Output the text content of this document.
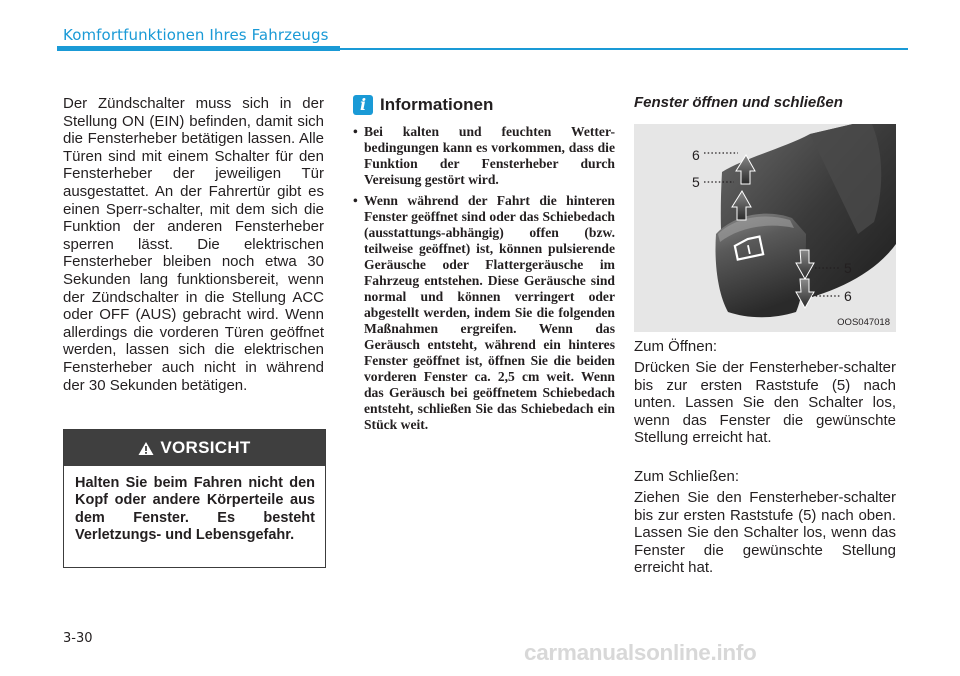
Komfortfunktionen Ihres Fahrzeugs

Der Zündschalter muss sich in der Stellung ON (EIN) befinden, damit sich die Fensterheber betätigen lassen. Alle Türen sind mit einem Schalter für den Fensterheber der jeweiligen Tür ausgestattet. An der Fahrertür gibt es einen Sperr-schalter, mit dem sich die Funktion der anderen Fensterheber sperren lässt. Die elektrischen Fensterheber bleiben noch etwa 30 Sekunden lang funktionsbereit, wenn der Zündschalter in die Stellung ACC oder OFF (AUS) gebracht wird. Wenn allerdings die vorderen Türen geöffnet werden, lassen sich die elektrischen Fensterheber auch nicht in während der 30 Sekunden betätigen.

VORSICHT
Halten Sie beim Fahren nicht den Kopf oder andere Körperteile aus dem Fenster. Es besteht Verletzungs- und Lebensgefahr.
i Informationen
• Bei kalten und feuchten Wetter-bedingungen kann es vorkommen, dass die Funktion der Fensterheber durch Vereisung gestört wird.
• Wenn während der Fahrt die hinteren Fenster geöffnet sind oder das Schiebedach (ausstattungs-abhängig) offen (bzw. teilweise geöffnet) ist, können pulsierende Geräusche oder Flattergeräusche im Fahrzeug entstehen. Diese Geräusche sind normal und können verringert oder abgestellt werden, indem Sie die folgenden Maßnahmen ergreifen. Wenn das Geräusch entsteht, während ein hinteres Fenster geöffnet ist, öffnen Sie die beiden vorderen Fenster ca. 2,5 cm weit. Wenn das Geräusch bei geöffnetem Schiebedach entsteht, schließen Sie das Schiebedach ein Stück weit.
Fenster öffnen und schließen
6
5
5
6
OOS047018

Zum Öffnen:

Drücken Sie der Fensterheber-schalter bis zur ersten Raststufe (5) nach unten. Lassen Sie den Schalter los, wenn das Fenster die gewünschte Stellung erreicht hat.

Zum Schließen:

Ziehen Sie den Fensterheber-schalter bis zur ersten Raststufe (5) nach oben. Lassen Sie den Schalter los, wenn das Fenster die gewünschte Stellung erreicht hat.

3-30
carmanualsonline.info
